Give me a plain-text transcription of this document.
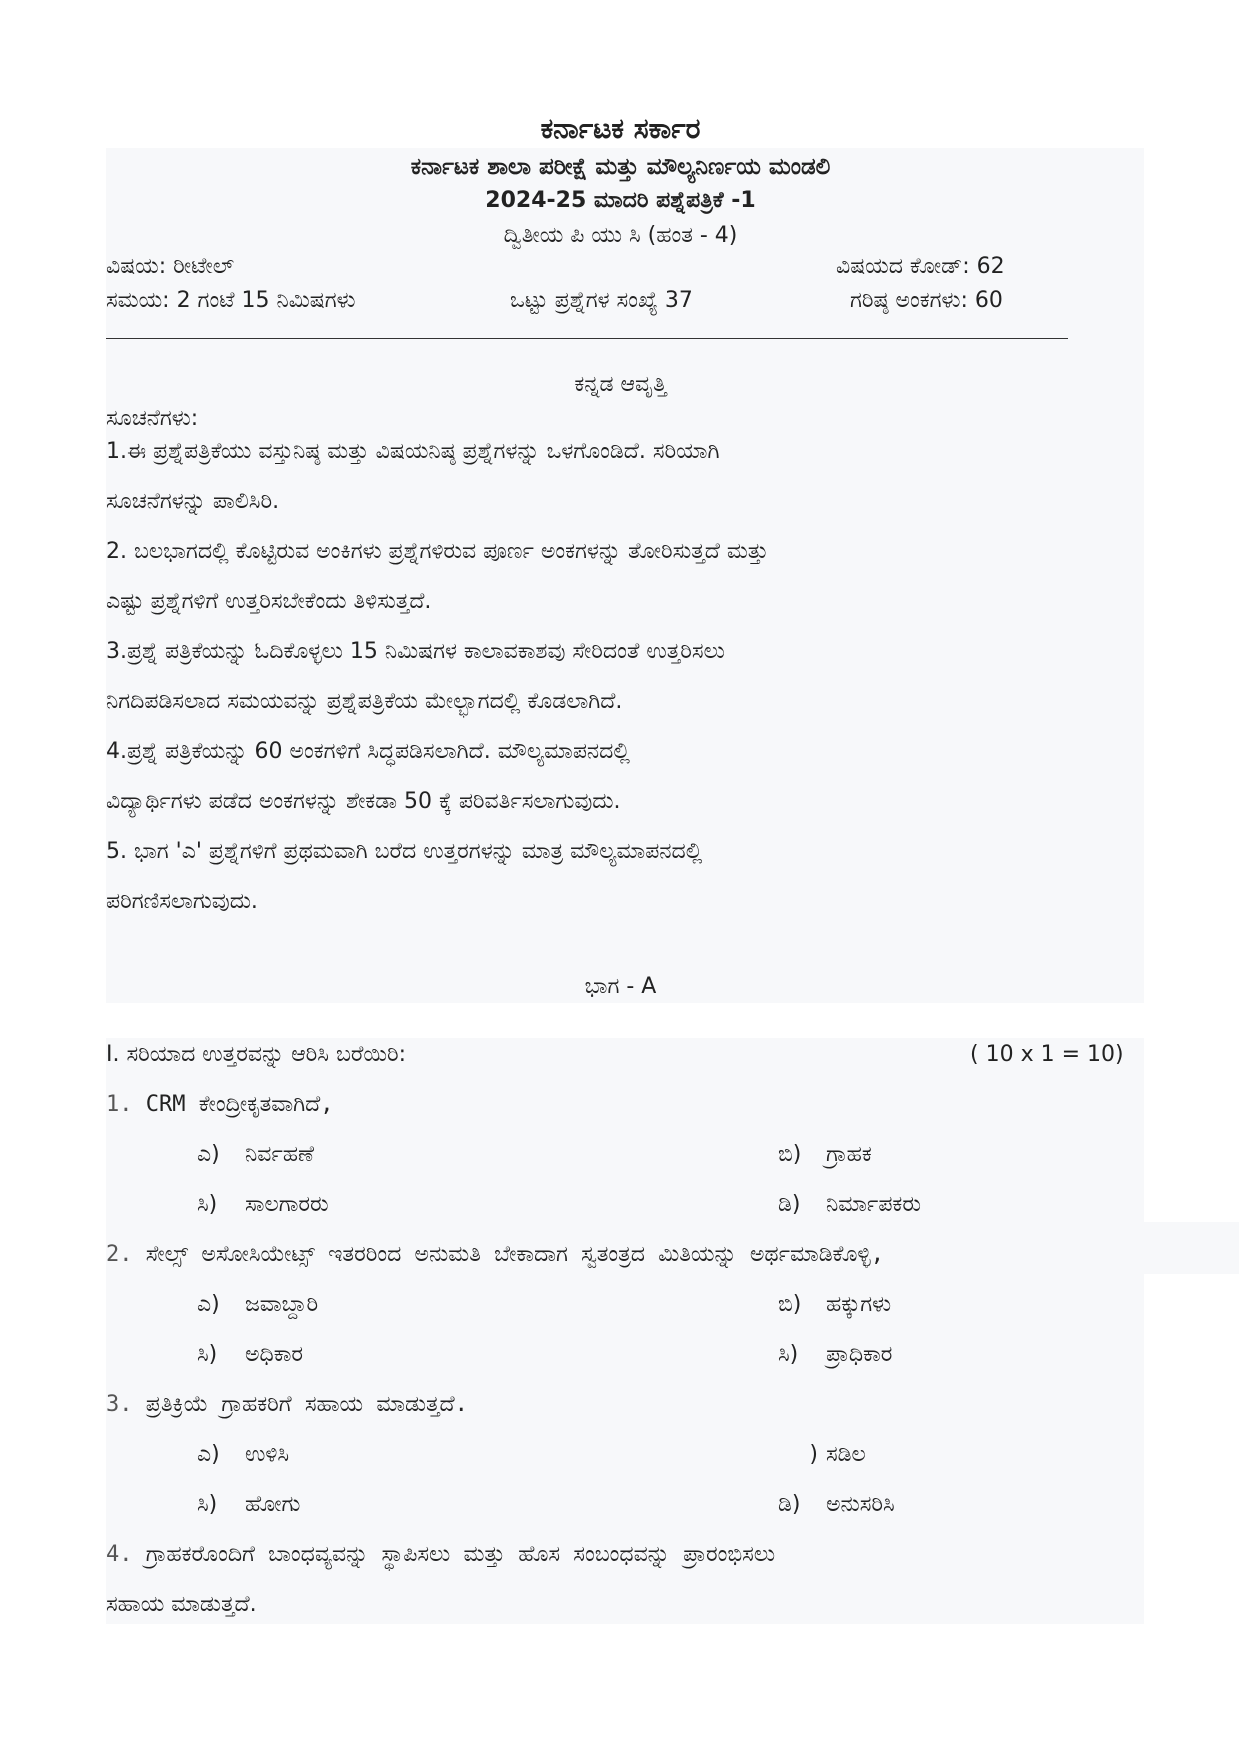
ಕರ್ನಾಟಕ ಸರ್ಕಾರ
ಕರ್ನಾಟಕ ಶಾಲಾ ಪರೀಕ್ಷೆ ಮತ್ತು ಮೌಲ್ಯನಿರ್ಣಯ ಮಂಡಲಿ
2024-25 ಮಾದರಿ ಪಶ್ನೆಪತ್ರಿಕೆ -1
ದ್ವಿತೀಯ ಪಿ ಯು ಸಿ (ಹಂತ - 4)
ವಿಷಯ: ರೀಟೇಲ್	ವಿಷಯದ ಕೋಡ್: 62
ಸಮಯ: 2 ಗಂಟೆ 15 ನಿಮಿಷಗಳು	ಒಟ್ಟು ಪ್ರಶ್ನೆಗಳ ಸಂಖ್ಯೆ 37	ಗರಿಷ್ಠ ಅಂಕಗಳು: 60
ಕನ್ನಡ ಆವೃತ್ತಿ
ಸೂಚನೆಗಳು:
1.ಈ ಪ್ರಶ್ನೆಪತ್ರಿಕೆಯು ವಸ್ತುನಿಷ್ಠ ಮತ್ತು ವಿಷಯನಿಷ್ಠ ಪ್ರಶ್ನೆಗಳನ್ನು ಒಳಗೊಂಡಿದೆ. ಸರಿಯಾಗಿ
ಸೂಚನೆಗಳನ್ನು ಪಾಲಿಸಿರಿ.
2. ಬಲಭಾಗದಲ್ಲಿ ಕೊಟ್ಟಿರುವ ಅಂಕಿಗಳು ಪ್ರಶ್ನೆಗಳಿರುವ ಪೂರ್ಣ ಅಂಕಗಳನ್ನು ತೋರಿಸುತ್ತದೆ ಮತ್ತು
ಎಷ್ಟು ಪ್ರಶ್ನೆಗಳಿಗೆ ಉತ್ತರಿಸಬೇಕೆಂದು ತಿಳಿಸುತ್ತದೆ.
3.ಪ್ರಶ್ನೆ ಪತ್ರಿಕೆಯನ್ನು ಓದಿಕೊಳ್ಳಲು 15 ನಿಮಿಷಗಳ ಕಾಲಾವಕಾಶವು ಸೇರಿದಂತೆ ಉತ್ತರಿಸಲು
ನಿಗದಿಪಡಿಸಲಾದ ಸಮಯವನ್ನು ಪ್ರಶ್ನೆಪತ್ರಿಕೆಯ ಮೇಲ್ಭಾಗದಲ್ಲಿ ಕೊಡಲಾಗಿದೆ.
4.ಪ್ರಶ್ನೆ ಪತ್ರಿಕೆಯನ್ನು 60 ಅಂಕಗಳಿಗೆ ಸಿದ್ಧಪಡಿಸಲಾಗಿದೆ. ಮೌಲ್ಯಮಾಪನದಲ್ಲಿ
ವಿದ್ಯಾರ್ಥಿಗಳು ಪಡೆದ ಅಂಕಗಳನ್ನು ಶೇಕಡಾ 50 ಕ್ಕೆ ಪರಿವರ್ತಿಸಲಾಗುವುದು.
5. ಭಾಗ 'ಎ' ಪ್ರಶ್ನೆಗಳಿಗೆ ಪ್ರಥಮವಾಗಿ ಬರೆದ ಉತ್ತರಗಳನ್ನು ಮಾತ್ರ ಮೌಲ್ಯಮಾಪನದಲ್ಲಿ
ಪರಿಗಣಿಸಲಾಗುವುದು.
ಭಾಗ - A
I. ಸರಿಯಾದ ಉತ್ತರವನ್ನು ಆರಿಸಿ ಬರೆಯಿರಿ:	( 10 x 1 = 10)
1. CRM ಕೇಂದ್ರೀಕೃತವಾಗಿದೆ,
ಎ) ನಿರ್ವಹಣೆ	ಬಿ) ಗ್ರಾಹಕ
ಸಿ) ಸಾಲಗಾರರು	ಡಿ) ನಿರ್ಮಾಪಕರು
2. ಸೇಲ್ಸ್ ಅಸೋಸಿಯೇಟ್ಸ್ ಇತರರಿಂದ ಅನುಮತಿ ಬೇಕಾದಾಗ ಸ್ವತಂತ್ರದ ಮಿತಿಯನ್ನು ಅರ್ಥಮಾಡಿಕೊಳ್ಳಿ,
ಎ) ಜವಾಬ್ದಾರಿ	ಬಿ) ಹಕ್ಕುಗಳು
ಸಿ) ಅಧಿಕಾರ	ಸಿ) ಪ್ರಾಧಿಕಾರ
3. ಪ್ರತಿಕ್ರಿಯೆ ಗ್ರಾಹಕರಿಗೆ ಸಹಾಯ ಮಾಡುತ್ತದೆ.
ಎ) ಉಳಿಸಿ	) ಸಡಿಲ
ಸಿ) ಹೋಗು	ಡಿ) ಅನುಸರಿಸಿ
4. ಗ್ರಾಹಕರೊಂದಿಗೆ ಬಾಂಧವ್ಯವನ್ನು ಸ್ಥಾಪಿಸಲು ಮತ್ತು ಹೊಸ ಸಂಬಂಧವನ್ನು ಪ್ರಾರಂಭಿಸಲು
ಸಹಾಯ ಮಾಡುತ್ತದೆ.
